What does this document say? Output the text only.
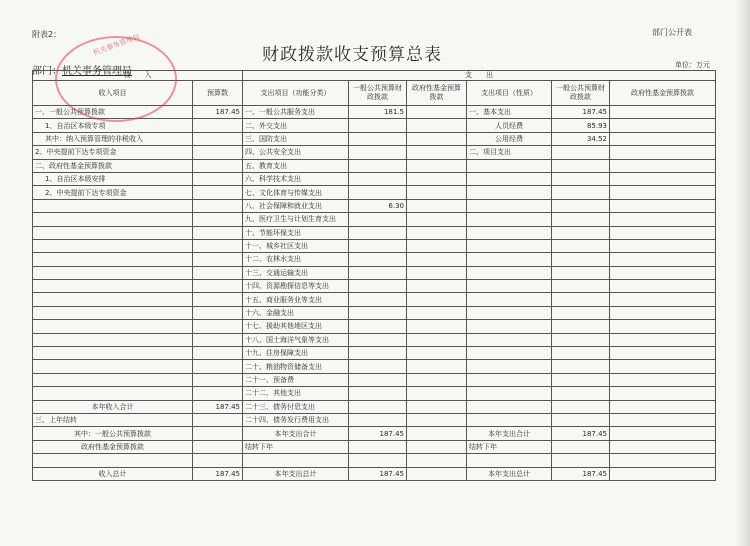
附表2：	部门公开表
财政拨款收支预算总表
部门：机关事务管理局
单位：万元
收　　入		支　　出					
收入项目	预算数	支出项目（功能分类）	一般公共预算财政拨款	政府性基金预算拨款	支出项目（性质）	一般公共预算财政拨款	政府性基金预算拨款
一、一般公共预算拨款	187.45	一、一般公共服务支出	181.5		一、基本支出	187.45	
1、自治区本级专项		二、外交支出			人员经费	85.93	
其中：纳入预算管理的非税收入		三、国防支出			公用经费	34.52	
2、中央提前下达专项资金		四、公共安全支出			二、项目支出		
二、政府性基金预算拨款		五、教育支出					
1、自治区本级安排		六、科学技术支出					
2、中央提前下达专项资金		七、文化体育与传媒支出					
		八、社会保障和就业支出	6.30				
		九、医疗卫生与计划生育支出					
		十、节能环保支出					
		十一、城乡社区支出					
		十二、农林水支出					
		十三、交通运输支出					
		十四、资源勘探信息等支出					
		十五、商业服务业等支出					
		十六、金融支出					
		十七、援助其他地区支出					
		十八、国土海洋气象等支出					
		十九、住房保障支出					
		二十、粮油物资储备支出					
		二十一、预备费					
		二十二、其他支出					
本年收入合计	187.45	二十三、债务付息支出					
三、上年结转		二十四、债务发行费用支出					
其中：一般公共预算拨款		本年支出合计	187.45		本年支出合计	187.45	
政府性基金预算拨款		结转下年			结转下年		

收入总计	187.45	本年支出总计	187.45		本年支出总计	187.45	
机关事务管理局
